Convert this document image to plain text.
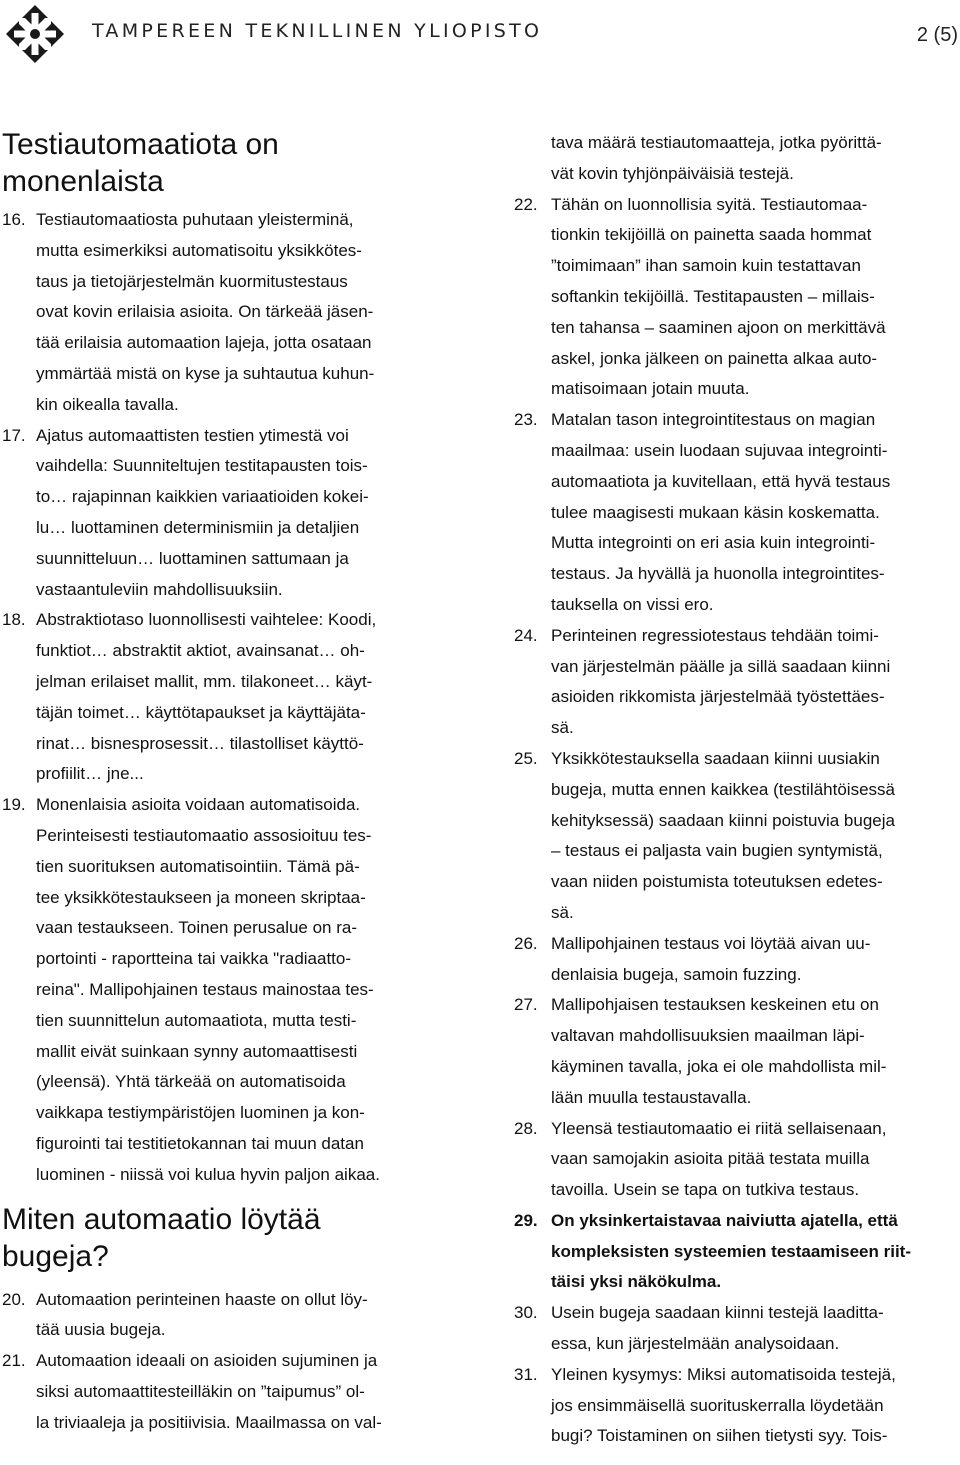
TAMPEREEN TEKNILLINEN YLIOPISTO	2 (5)
Testiautomaatiota on
monenlaista
16. Testiautomaatiosta puhutaan yleisterminä,
mutta esimerkiksi automatisoitu yksikkötes-
taus ja tietojärjestelmän kuormitustestaus
ovat kovin erilaisia asioita. On tärkeää jäsen-
tää erilaisia automaation lajeja, jotta osataan
ymmärtää mistä on kyse ja suhtautua kuhun-
kin oikealla tavalla.
17. Ajatus automaattisten testien ytimestä voi
vaihdella: Suunniteltujen testitapausten tois-
to… rajapinnan kaikkien variaatioiden kokei-
lu… luottaminen determinismiin ja detaljien
suunnitteluun… luottaminen sattumaan ja
vastaantuleviin mahdollisuuksiin.
18. Abstraktiotaso luonnollisesti vaihtelee: Koodi,
funktiot… abstraktit aktiot, avainsanat… oh-
jelman erilaiset mallit, mm. tilakoneet… käyt-
täjän toimet… käyttötapaukset ja käyttäjäta-
rinat… bisnesprosessit… tilastolliset käyttö-
profiilit… jne...
19. Monenlaisia asioita voidaan automatisoida.
Perinteisesti testiautomaatio assosioituu tes-
tien suorituksen automatisointiin. Tämä pä-
tee yksikkötestaukseen ja moneen skriptaa-
vaan testaukseen. Toinen perusalue on ra-
portointi - raportteina tai vaikka "radiaatto-
reina". Mallipohjainen testaus mainostaa tes-
tien suunnittelun automaatiota, mutta testi-
mallit eivät suinkaan synny automaattisesti
(yleensä). Yhtä tärkeää on automatisoida
vaikkapa testiympäristöjen luominen ja kon-
figurointi tai testitietokannan tai muun datan
luominen - niissä voi kulua hyvin paljon aikaa.
Miten automaatio löytää
bugeja?
20. Automaation perinteinen haaste on ollut löy-
tää uusia bugeja.
21. Automaation ideaali on asioiden sujuminen ja
siksi automaattitesteilläkin on ”taipumus” ol-
la triviaaleja ja positiivisia. Maailmassa on val-
tava määrä testiautomaatteja, jotka pyörittä-
vät kovin tyhjönpäiväisiä testejä.
22. Tähän on luonnollisia syitä. Testiautomaa-
tionkin tekijöillä on painetta saada hommat
”toimimaan” ihan samoin kuin testattavan
softankin tekijöillä. Testitapausten – millais-
ten tahansa – saaminen ajoon on merkittävä
askel, jonka jälkeen on painetta alkaa auto-
matisoimaan jotain muuta.
23. Matalan tason integrointitestaus on magian
maailmaa: usein luodaan sujuvaa integrointi-
automaatiota ja kuvitellaan, että hyvä testaus
tulee maagisesti mukaan käsin koskematta.
Mutta integrointi on eri asia kuin integrointi-
testaus. Ja hyvällä ja huonolla integrointites-
tauksella on vissi ero.
24. Perinteinen regressiotestaus tehdään toimi-
van järjestelmän päälle ja sillä saadaan kiinni
asioiden rikkomista järjestelmää työstettäes-
sä.
25. Yksikkötestauksella saadaan kiinni uusiakin
bugeja, mutta ennen kaikkea (testilähtöisessä
kehityksessä) saadaan kiinni poistuvia bugeja
– testaus ei paljasta vain bugien syntymistä,
vaan niiden poistumista toteutuksen edetes-
sä.
26. Mallipohjainen testaus voi löytää aivan uu-
denlaisia bugeja, samoin fuzzing.
27. Mallipohjaisen testauksen keskeinen etu on
valtavan mahdollisuuksien maailman läpi-
käyminen tavalla, joka ei ole mahdollista mil-
lään muulla testaustavalla.
28. Yleensä testiautomaatio ei riitä sellaisenaan,
vaan samojakin asioita pitää testata muilla
tavoilla. Usein se tapa on tutkiva testaus.
29. On yksinkertaistavaa naiviutta ajatella, että
kompleksisten systeemien testaamiseen riit-
täisi yksi näkökulma.
30. Usein bugeja saadaan kiinni testejä laaditta-
essa, kun järjestelmään analysoidaan.
31. Yleinen kysymys: Miksi automatisoida testejä,
jos ensimmäisellä suorituskerralla löydetään
bugi? Toistaminen on siihen tietysti syy. Tois-
